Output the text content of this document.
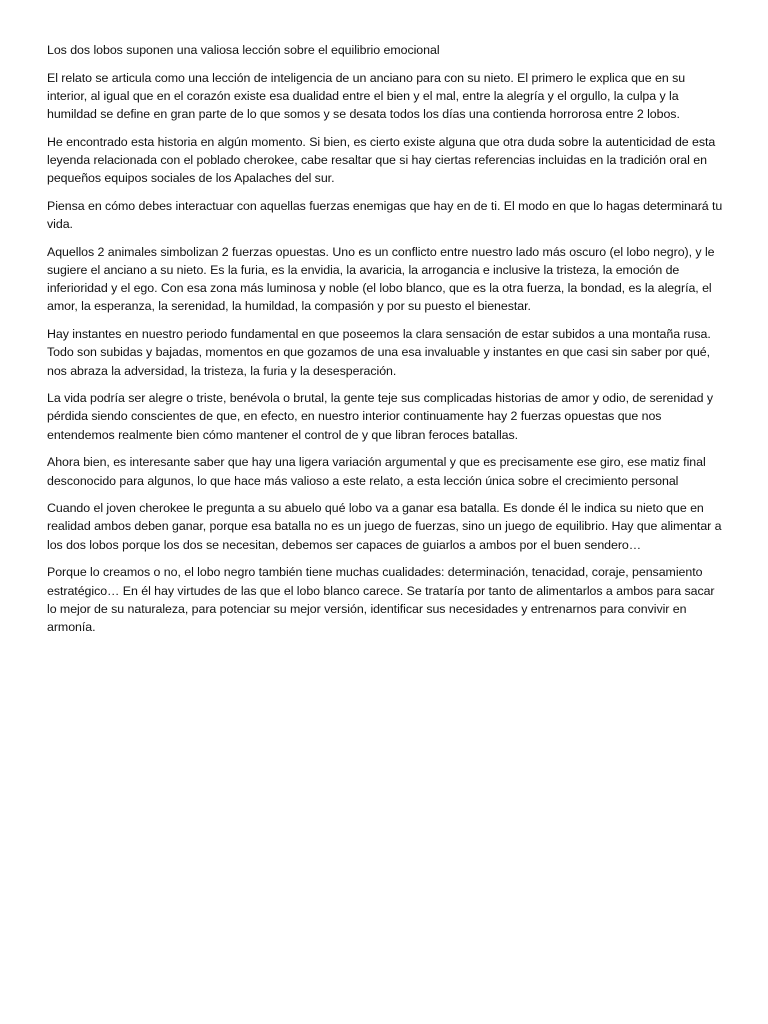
Los dos lobos suponen una valiosa lección sobre el equilibrio emocional

El relato se articula como una lección de inteligencia de un anciano para con su nieto. El primero le explica que en su interior, al igual que en el corazón existe esa dualidad entre el bien y el mal, entre la alegría y el orgullo, la culpa y la humildad se define en gran parte de lo que somos y se desata todos los días una contienda horrorosa entre 2 lobos.

He encontrado esta historia en algún momento. Si bien, es cierto existe alguna que otra duda sobre la autenticidad de esta leyenda relacionada con el poblado cherokee, cabe resaltar que si hay ciertas referencias incluidas en la tradición oral en pequeños equipos sociales de los Apalaches del sur.

Piensa en cómo debes interactuar con aquellas fuerzas enemigas que hay en de ti. El modo en que lo hagas determinará tu vida.

Aquellos 2 animales simbolizan 2 fuerzas opuestas. Uno es un conflicto entre nuestro lado más oscuro (el lobo negro), y le sugiere el anciano a su nieto. Es la furia, es la envidia, la avaricia, la arrogancia e inclusive la tristeza, la emoción de inferioridad y el ego. Con esa zona más luminosa y noble (el lobo blanco, que es la otra fuerza, la bondad, es la alegría, el amor, la esperanza, la serenidad, la humildad, la compasión y por su puesto el bienestar.

Hay instantes en nuestro periodo fundamental en que poseemos la clara sensación de estar subidos a una montaña rusa. Todo son subidas y bajadas, momentos en que gozamos de una esa invaluable y instantes en que casi sin saber por qué, nos abraza la adversidad, la tristeza, la furia y la desesperación.

La vida podría ser alegre o triste, benévola o brutal, la gente teje sus complicadas historias de amor y odio, de serenidad y pérdida siendo conscientes de que, en efecto, en nuestro interior continuamente hay 2 fuerzas opuestas que nos entendemos realmente bien cómo mantener el control de y que libran feroces batallas.

Ahora bien, es interesante saber que hay una ligera variación argumental y que es precisamente ese giro, ese matiz final desconocido para algunos, lo que hace más valioso a este relato, a esta lección única sobre el crecimiento personal

Cuando el joven cherokee le pregunta a su abuelo qué lobo va a ganar esa batalla. Es donde él le indica su nieto que en realidad ambos deben ganar, porque esa batalla no es un juego de fuerzas, sino un juego de equilibrio. Hay que alimentar a los dos lobos porque los dos se necesitan, debemos ser capaces de guiarlos a ambos por el buen sendero…

Porque lo creamos o no, el lobo negro también tiene muchas cualidades: determinación, tenacidad, coraje, pensamiento estratégico… En él hay virtudes de las que el lobo blanco carece. Se trataría por tanto de alimentarlos a ambos para sacar lo mejor de su naturaleza, para potenciar su mejor versión, identificar sus necesidades y entrenarnos para convivir en armonía.
